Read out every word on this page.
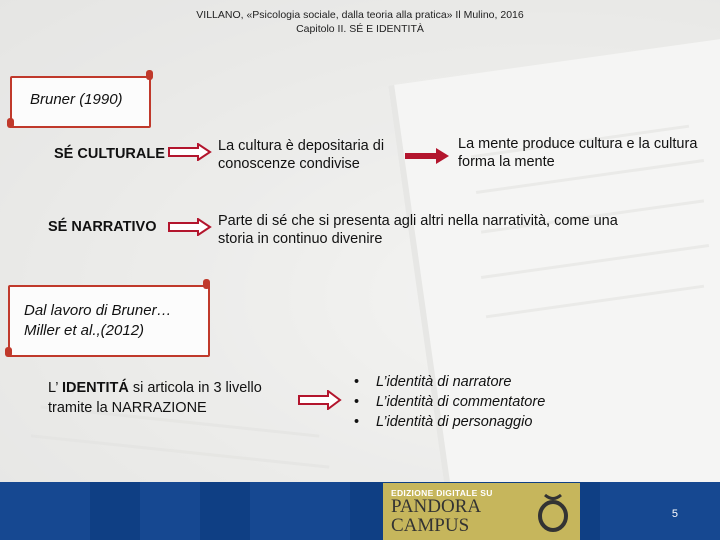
VILLANO, «Psicologia sociale, dalla teoria alla pratica» Il Mulino, 2016
Capitolo II. SÉ E IDENTITÀ
Bruner (1990)
SÉ CULTURALE	La cultura è depositaria di conoscenze condivise
La mente produce cultura e la cultura forma la mente
SÉ NARRATIVO	Parte di sé che si presenta agli altri nella narratività, come una storia in continuo divenire
Dal lavoro di Bruner…
Miller et al.,(2012)
L’ IDENTITÁ si articola in 3 livello tramite la NARRAZIONE
• L’identità di narratore
• L’identità di commentatore
• L’identità di personaggio
EDIZIONE DIGITALE SU
PANDORA
CAMPUS
5
